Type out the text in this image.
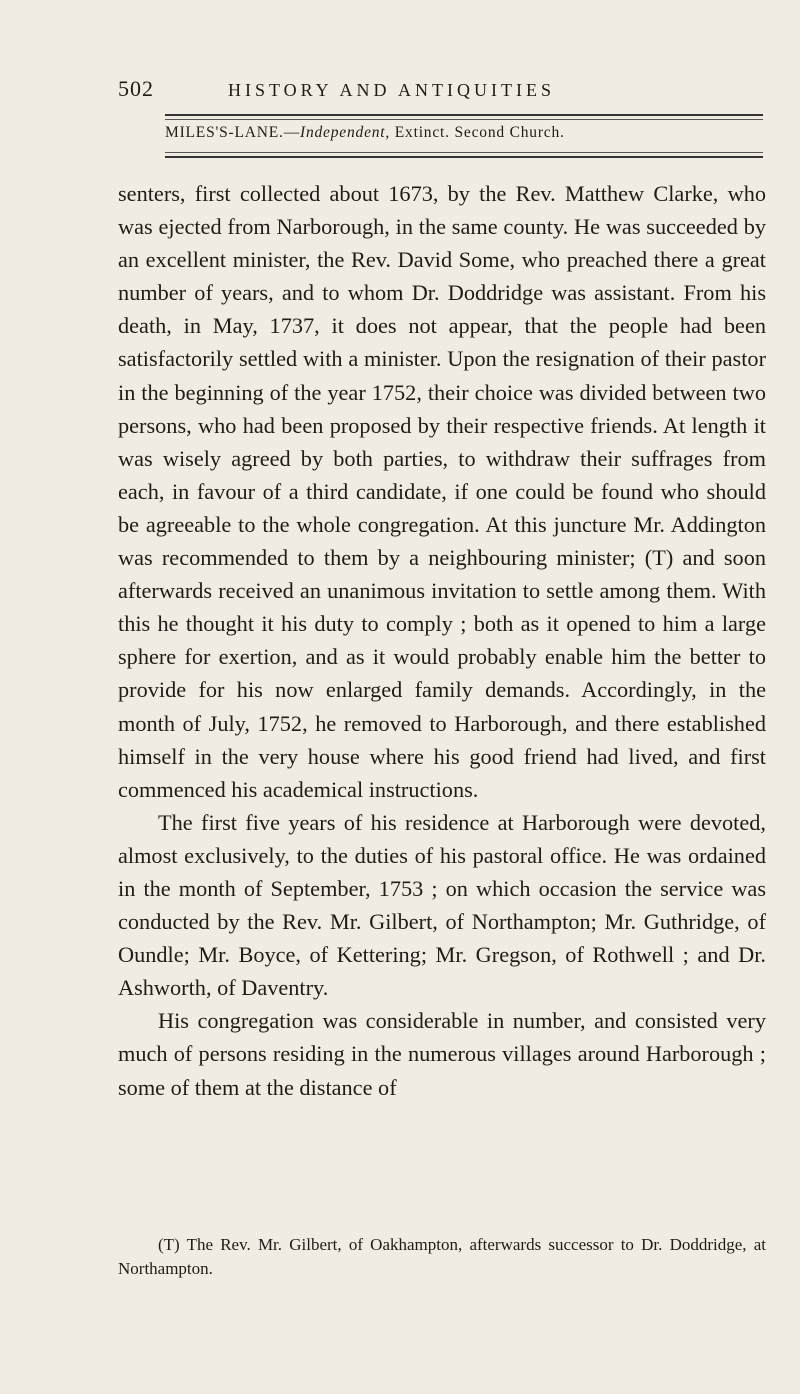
502	HISTORY AND ANTIQUITIES
MILES'S-LANE.—Independent, Extinct. Second Church.

senters, first collected about 1673, by the Rev. Matthew Clarke, who was ejected from Narborough, in the same county. He was succeeded by an excellent minister, the Rev. David Some, who preached there a great number of years, and to whom Dr. Doddridge was assistant. From his death, in May, 1737, it does not appear, that the people had been satisfactorily settled with a minister. Upon the resignation of their pastor in the beginning of the year 1752, their choice was divided between two persons, who had been proposed by their respective friends. At length it was wisely agreed by both parties, to withdraw their suffrages from each, in favour of a third candidate, if one could be found who should be agreeable to the whole congregation. At this juncture Mr. Addington was recommended to them by a neighbouring minister; (T) and soon afterwards received an unanimous invitation to settle among them. With this he thought it his duty to comply ; both as it opened to him a large sphere for exertion, and as it would probably enable him the better to provide for his now enlarged family demands. Accordingly, in the month of July, 1752, he removed to Harborough, and there established himself in the very house where his good friend had lived, and first commenced his academical instructions.

The first five years of his residence at Harborough were devoted, almost exclusively, to the duties of his pastoral office. He was ordained in the month of September, 1753 ; on which occasion the service was conducted by the Rev. Mr. Gilbert, of Northampton; Mr. Guthridge, of Oundle; Mr. Boyce, of Kettering; Mr. Gregson, of Rothwell ; and Dr. Ashworth, of Daventry.

His congregation was considerable in number, and consisted very much of persons residing in the numerous villages around Harborough ; some of them at the distance of

(T) The Rev. Mr. Gilbert, of Oakhampton, afterwards successor to Dr. Doddridge, at Northampton.
